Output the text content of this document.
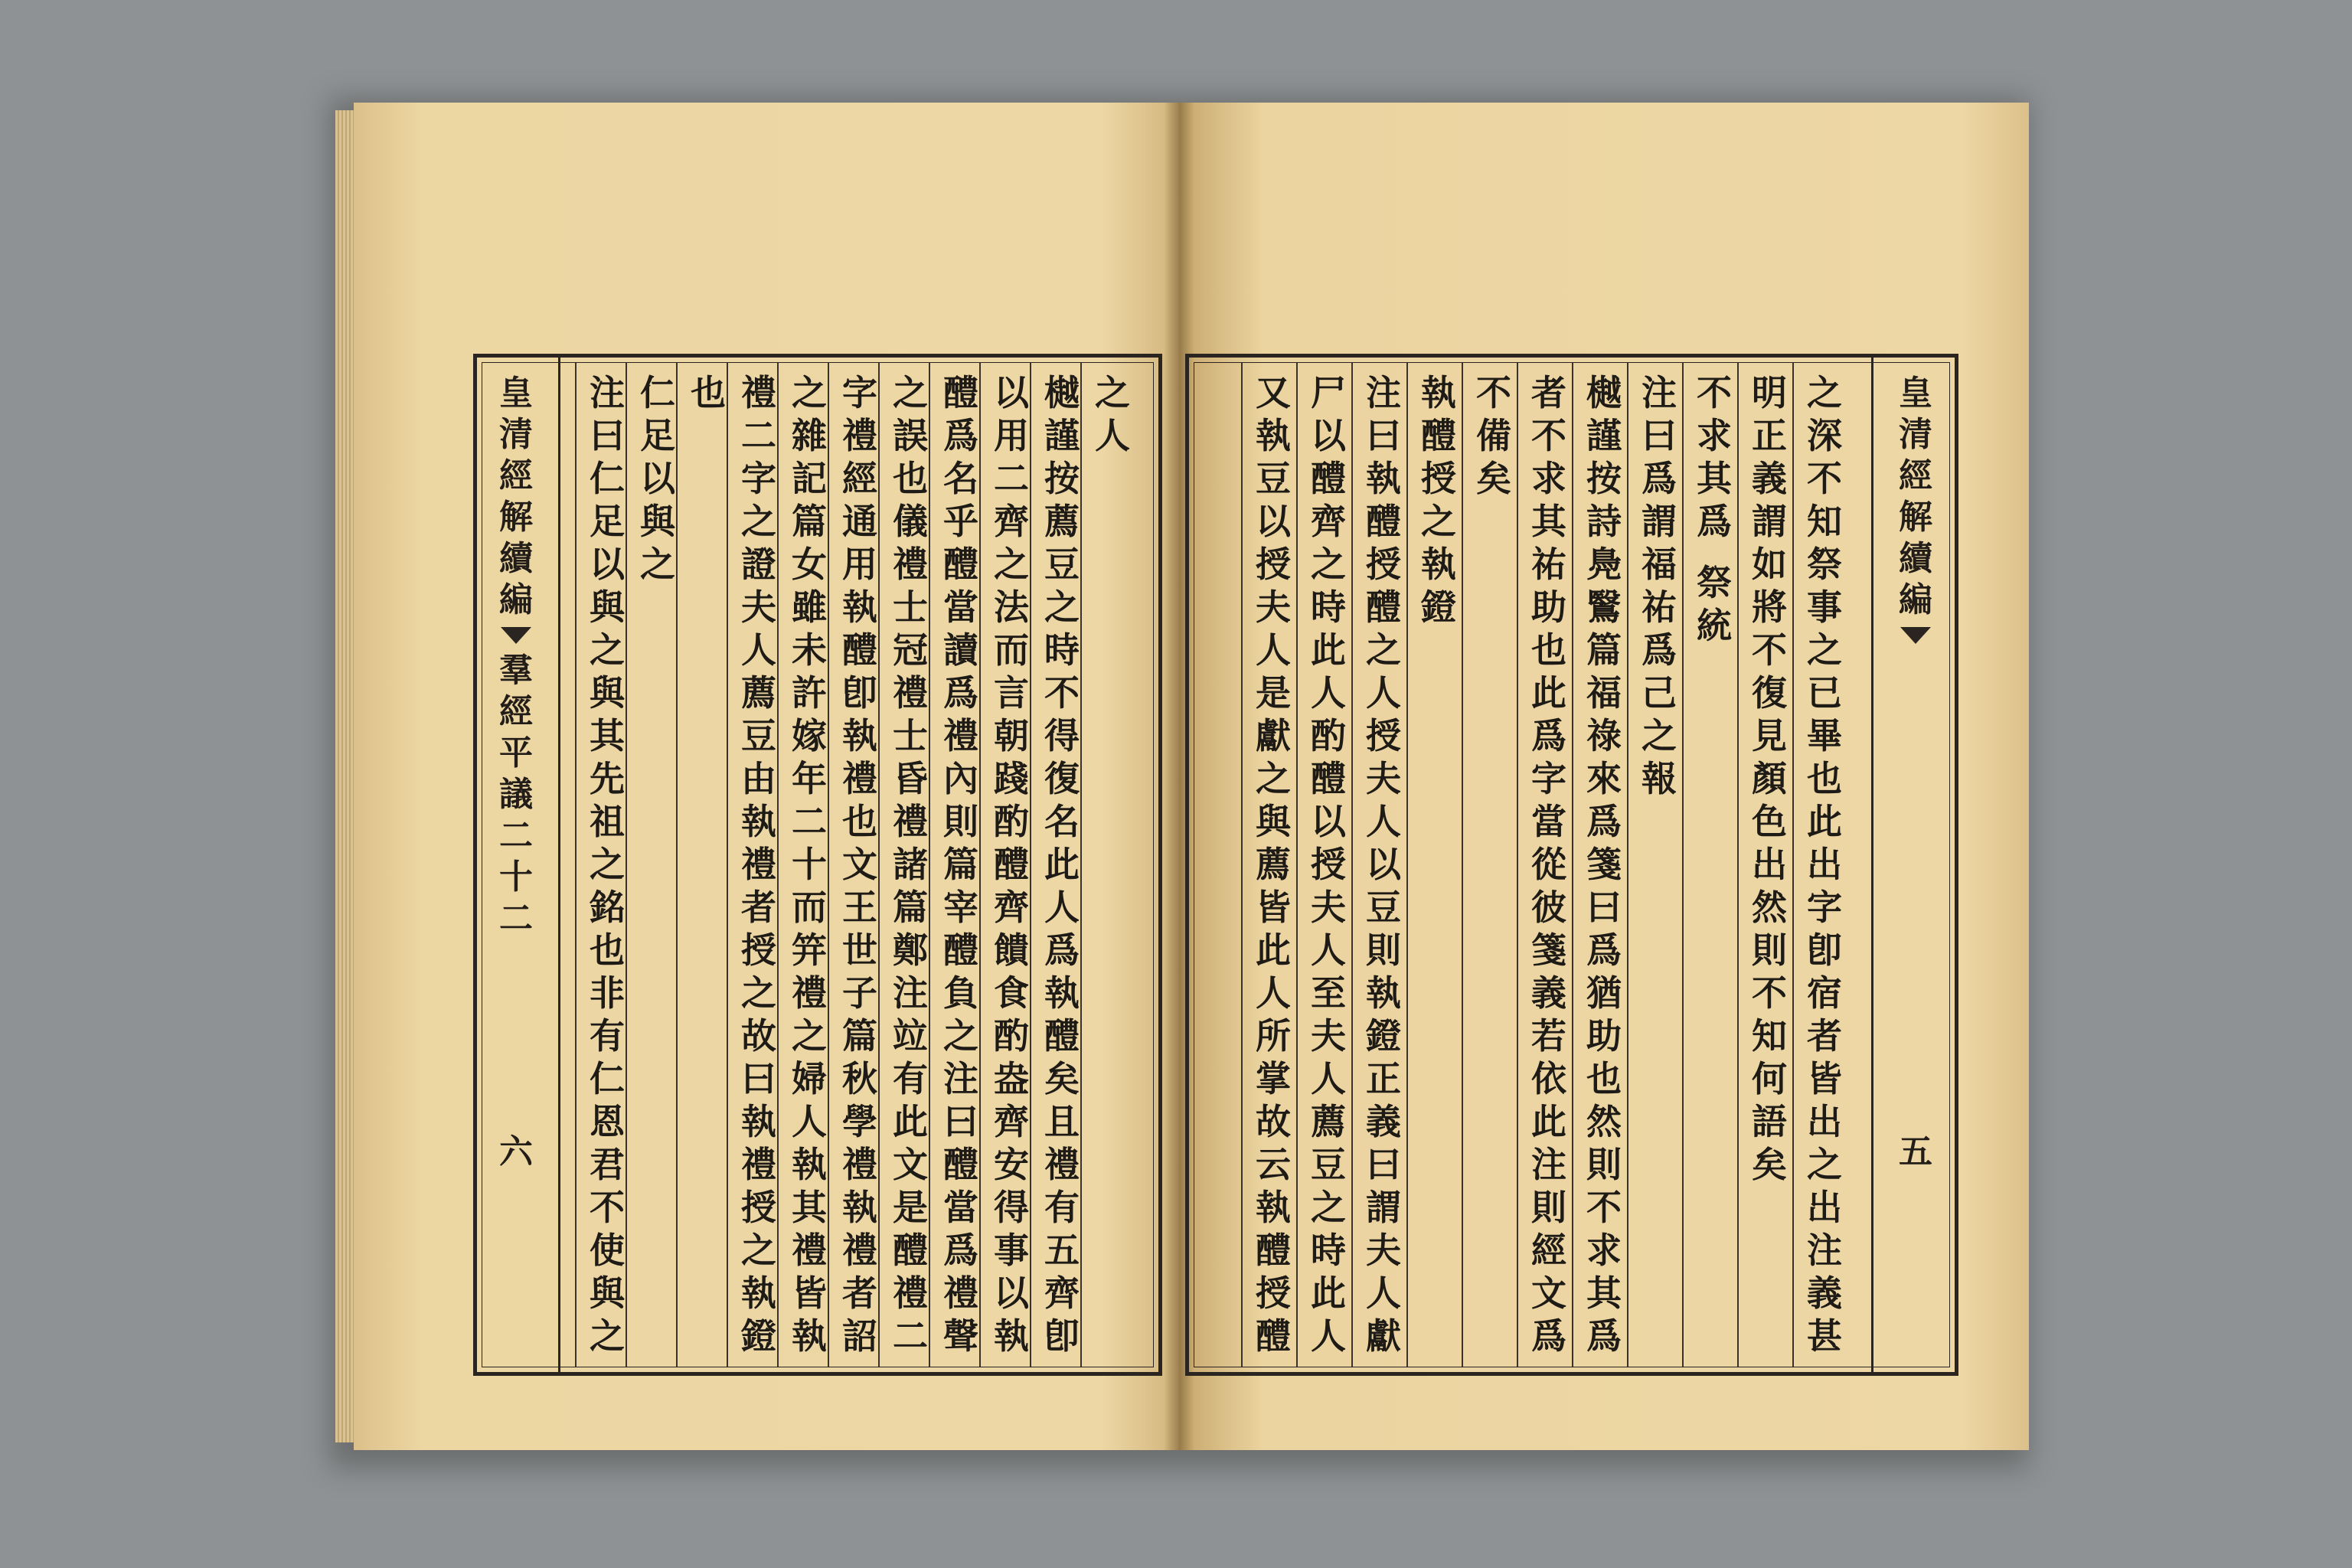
皇
清
經
解
續
編
羣
經
平
議
二
十
二
六
之
人
樾
謹
按
薦
豆
之
時
不
得
復
名
此
人
爲
執
醴
矣
且
禮
有
五
齊
卽
以
用
二
齊
之
法
而
言
朝
踐
酌
醴
齊
饋
食
酌
盎
齊
安
得
事
以
執
醴
爲
名
乎
醴
當
讀
爲
禮
內
則
篇
宰
醴
負
之
注
曰
醴
當
爲
禮
聲
之
誤
也
儀
禮
士
冠
禮
士
昏
禮
諸
篇
鄭
注
竝
有
此
文
是
醴
禮
二
字
禮
經
通
用
執
醴
卽
執
禮
也
文
王
世
子
篇
秋
學
禮
執
禮
者
詔
之
雜
記
篇
女
雖
未
許
嫁
年
二
十
而
笄
禮
之
婦
人
執
其
禮
皆
執
禮
二
字
之
證
夫
人
薦
豆
由
執
禮
者
授
之
故
曰
執
禮
授
之
執
鐙
也
仁
足
以
與
之
注
曰
仁
足
以
與
之
與
其
先
祖
之
銘
也
非
有
仁
恩
君
不
使
與
之
皇
清
經
解
續
編
五
之
深
不
知
祭
事
之
已
畢
也
此
出
字
卽
宿
者
皆
出
之
出
注
義
甚
明
正
義
謂
如
將
不
復
見
顏
色
出
然
則
不
知
何
語
矣
不
求
其
爲
祭
統
注
曰
爲
謂
福
祐
爲
己
之
報
樾
謹
按
詩
鳧
鷖
篇
福
祿
來
爲
箋
曰
爲
猶
助
也
然
則
不
求
其
爲
者
不
求
其
祐
助
也
此
爲
字
當
從
彼
箋
義
若
依
此
注
則
經
文
爲
不
備
矣
執
醴
授
之
執
鐙
注
曰
執
醴
授
醴
之
人
授
夫
人
以
豆
則
執
鐙
正
義
曰
謂
夫
人
獻
尸
以
醴
齊
之
時
此
人
酌
醴
以
授
夫
人
至
夫
人
薦
豆
之
時
此
人
又
執
豆
以
授
夫
人
是
獻
之
與
薦
皆
此
人
所
掌
故
云
執
醴
授
醴
